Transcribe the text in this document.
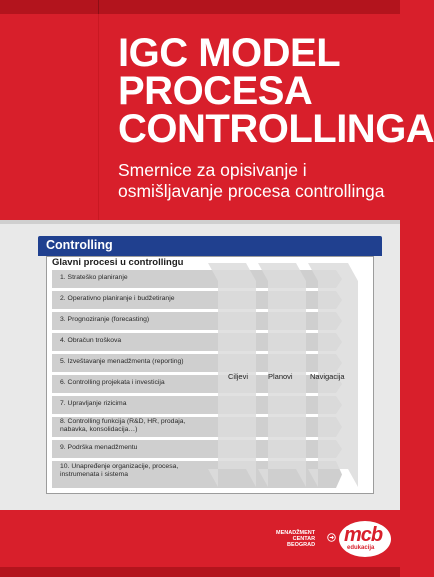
IGC MODEL
PROCESA
CONTROLLINGA
Smernice za opisivanje i
osmišljavanje procesa controllinga
Controlling
Glavni procesi u controllingu
1. Strateško planiranje
2. Operativno planiranje i budžetiranje
3. Prognoziranje (forecasting)
4. Obračun troškova
5. Izveštavanje menadžmenta (reporting)
6. Controlling projekata i investicija
7. Upravljanje rizicima
8. Controlling funkcija (R&D, HR, prodaja, nabavka, konsolidacija…)
9. Podrška menadžmentu
10. Unapređenje organizacije, procesa, instrumenata i sistema
Ciljevi	Planovi Navigacija
MENADŽMENT
CENTAR
BEOGRAD mcb
edukacija
